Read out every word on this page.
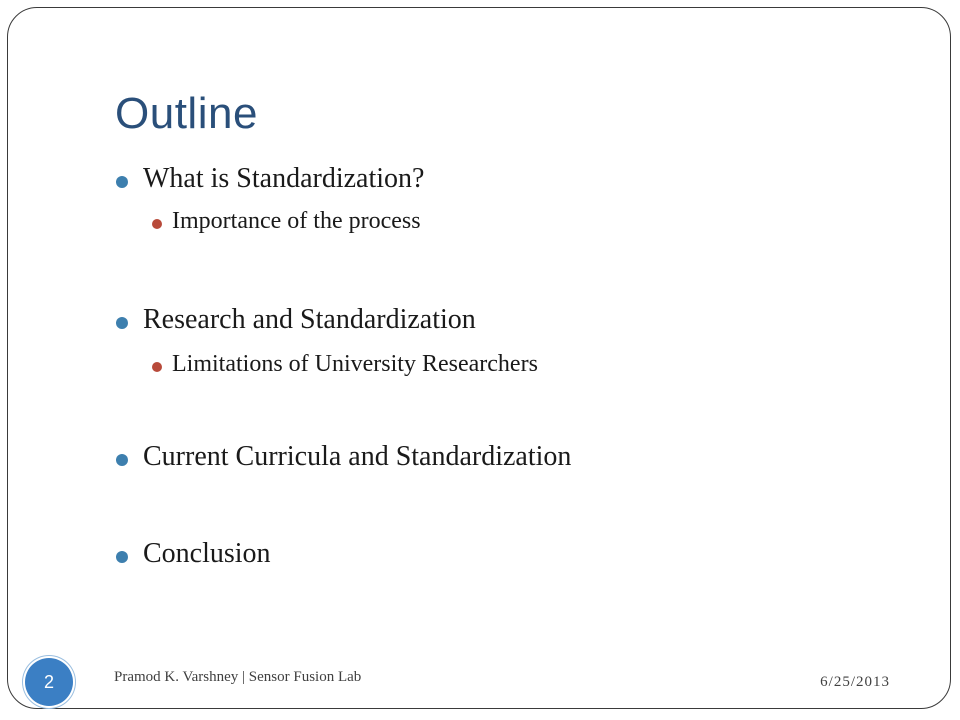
Outline
What is Standardization?
Importance of the process
Research and Standardization
Limitations of University Researchers
Current Curricula and Standardization
Conclusion
2	Pramod K. Varshney | Sensor Fusion Lab	6/25/2013
